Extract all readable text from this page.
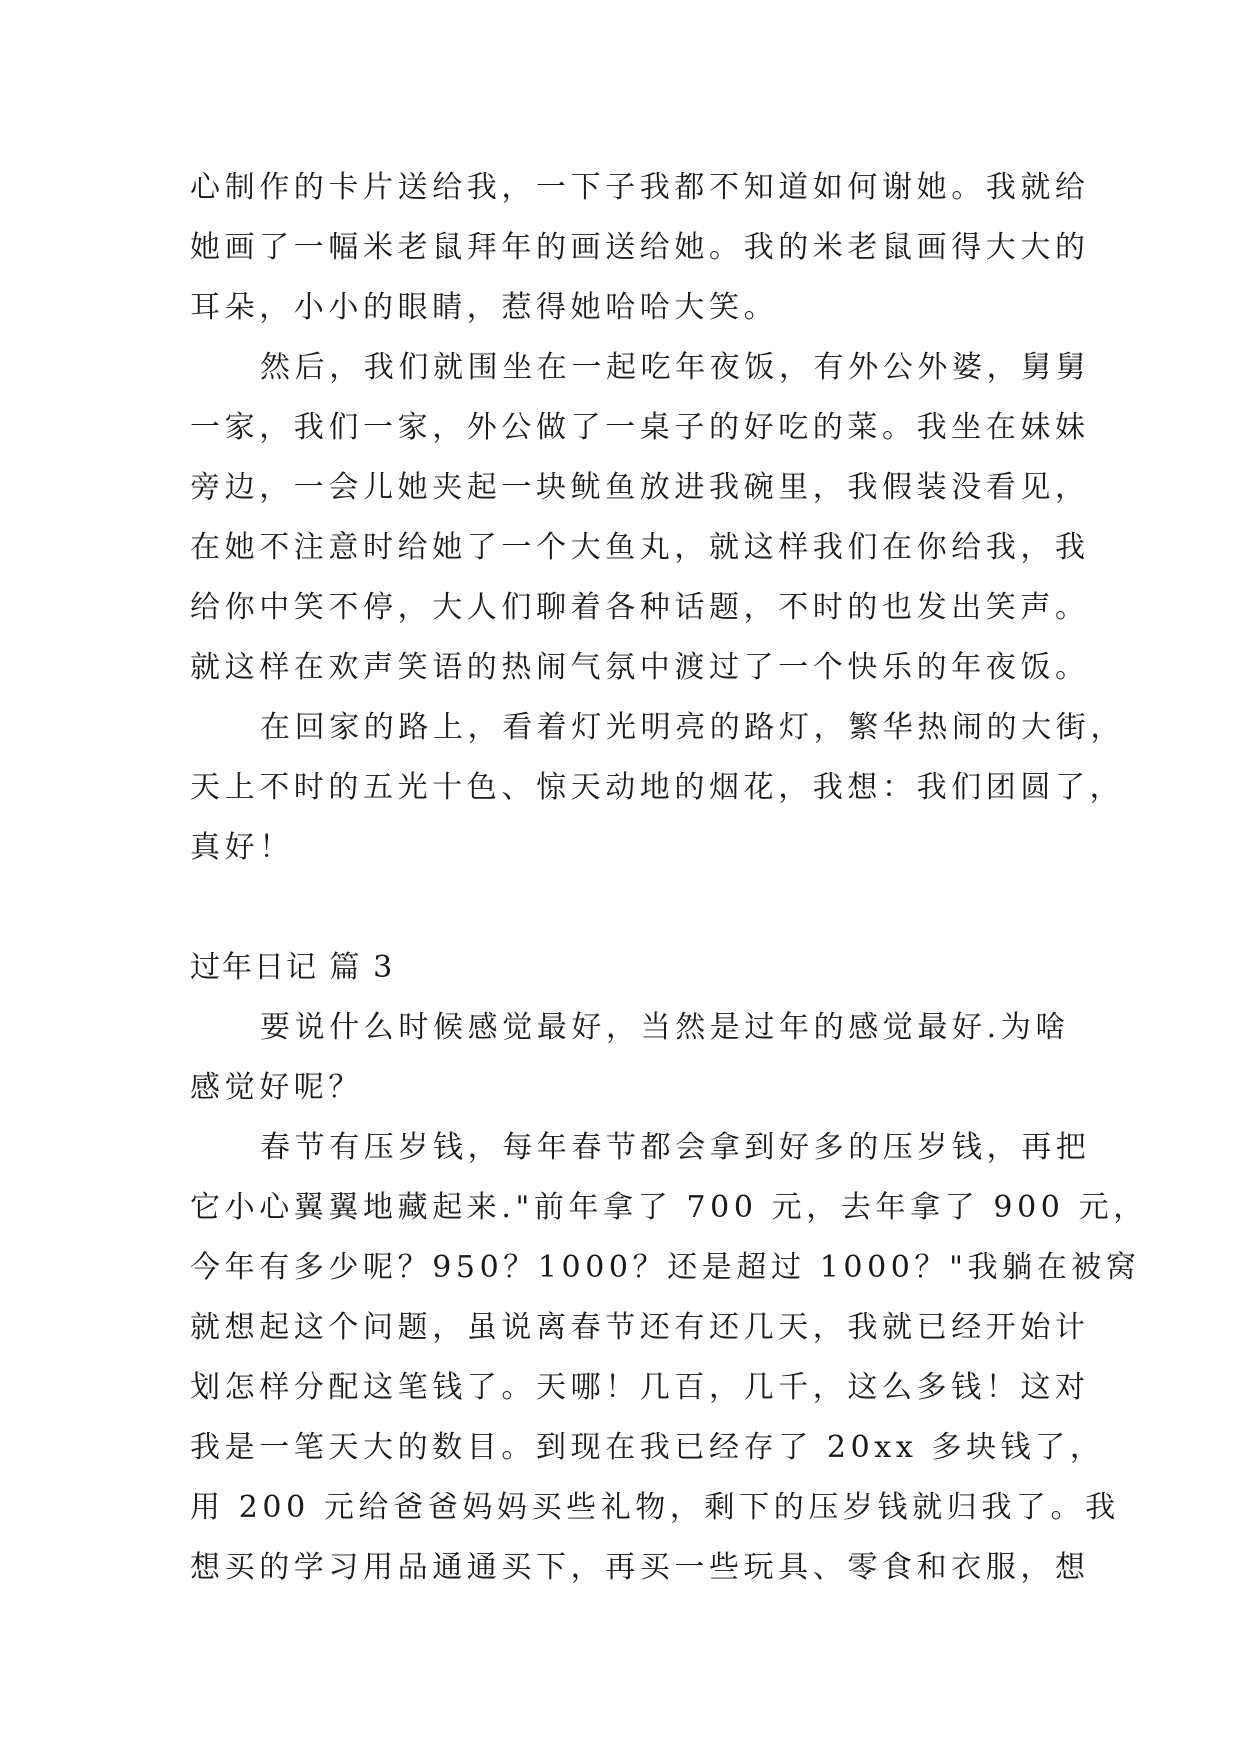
心制作的卡片送给我，一下子我都不知道如何谢她。我就给
她画了一幅米老鼠拜年的画送给她。我的米老鼠画得大大的
耳朵，小小的眼睛，惹得她哈哈大笑。
然后，我们就围坐在一起吃年夜饭，有外公外婆，舅舅
一家，我们一家，外公做了一桌子的好吃的菜。我坐在妹妹
旁边，一会儿她夹起一块鱿鱼放进我碗里，我假装没看见，
在她不注意时给她了一个大鱼丸，就这样我们在你给我，我
给你中笑不停，大人们聊着各种话题，不时的也发出笑声。
就这样在欢声笑语的热闹气氛中渡过了一个快乐的年夜饭。
在回家的路上，看着灯光明亮的路灯，繁华热闹的大街，
天上不时的五光十色、惊天动地的烟花，我想：我们团圆了，
真好！
过年日记 篇 3
要说什么时候感觉最好，当然是过年的感觉最好.为啥
感觉好呢？
春节有压岁钱，每年春节都会拿到好多的压岁钱，再把
它小心翼翼地藏起来."前年拿了 700 元，去年拿了 900 元，
今年有多少呢？950？1000？还是超过 1000？"我躺在被窝
就想起这个问题，虽说离春节还有还几天，我就已经开始计
划怎样分配这笔钱了。天哪！几百，几千，这么多钱！这对
我是一笔天大的数目。到现在我已经存了 20xx 多块钱了，
用 200 元给爸爸妈妈买些礼物，剩下的压岁钱就归我了。我
想买的学习用品通通买下，再买一些玩具、零食和衣服，想
